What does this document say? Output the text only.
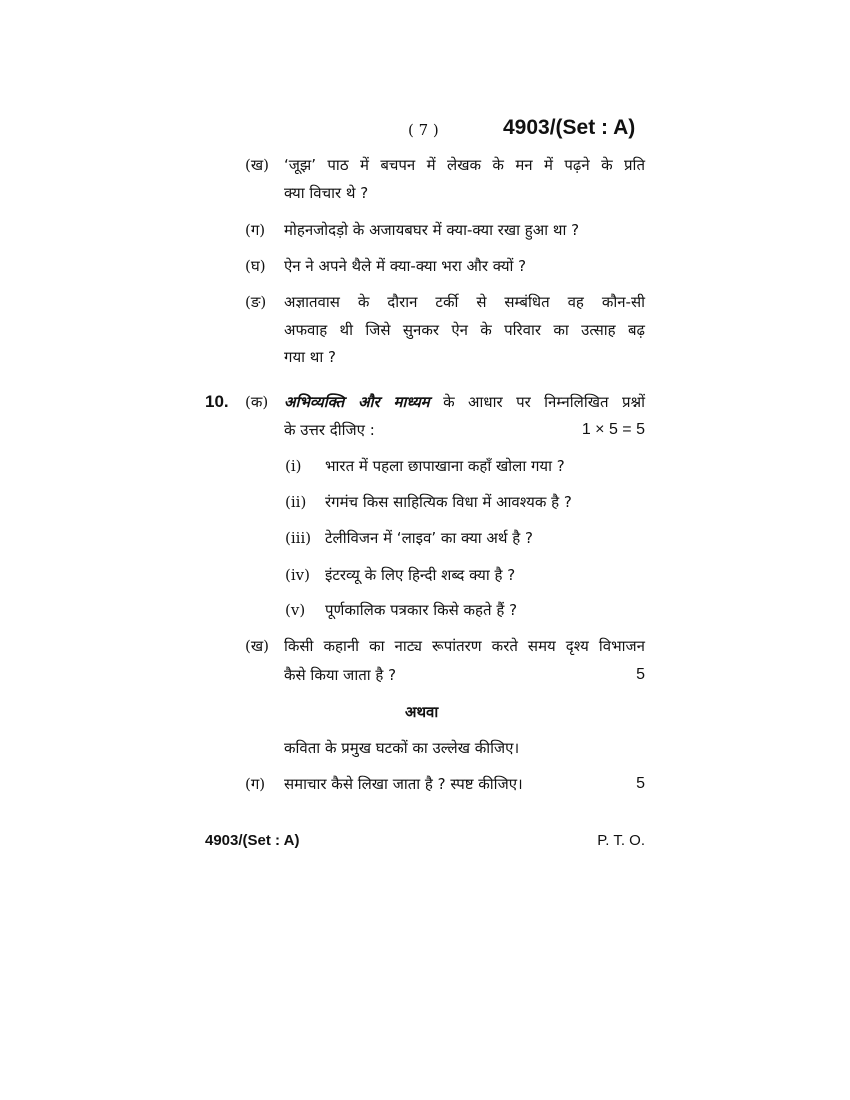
( 7 )	4903/(Set : A)
(ख) ‘जूझ’ पाठ में बचपन में लेखक के मन में पढ़ने के प्रति
क्या विचार थे ?
(ग) मोहनजोदड़ो के अजायबघर में क्या-क्या रखा हुआ था ?
(घ) ऐन ने अपने थैले में क्या-क्या भरा और क्यों ?
(ङ) अज्ञातवास के दौरान टर्की से सम्बंधित वह कौन-सी
अफवाह थी जिसे सुनकर ऐन के परिवार का उत्साह बढ़
गया था ?
10. (क) अभिव्यक्ति और माध्यम के आधार पर निम्नलिखित प्रश्नों
के उत्तर दीजिए :	1 × 5 = 5
(i) भारत में पहला छापाखाना कहाँ खोला गया ?
(ii) रंगमंच किस साहित्यिक विधा में आवश्यक है ?
(iii) टेलीविजन में ‘लाइव’ का क्या अर्थ है ?
(iv) इंटरव्यू के लिए हिन्दी शब्द क्या है ?
(v) पूर्णकालिक पत्रकार किसे कहते हैं ?
(ख) किसी कहानी का नाट्य रूपांतरण करते समय दृश्य विभाजन
कैसे किया जाता है ?	5
अथवा
कविता के प्रमुख घटकों का उल्लेख कीजिए।
(ग) समाचार कैसे लिखा जाता है ? स्पष्ट कीजिए।	5
4903/(Set : A)	P. T. O.
